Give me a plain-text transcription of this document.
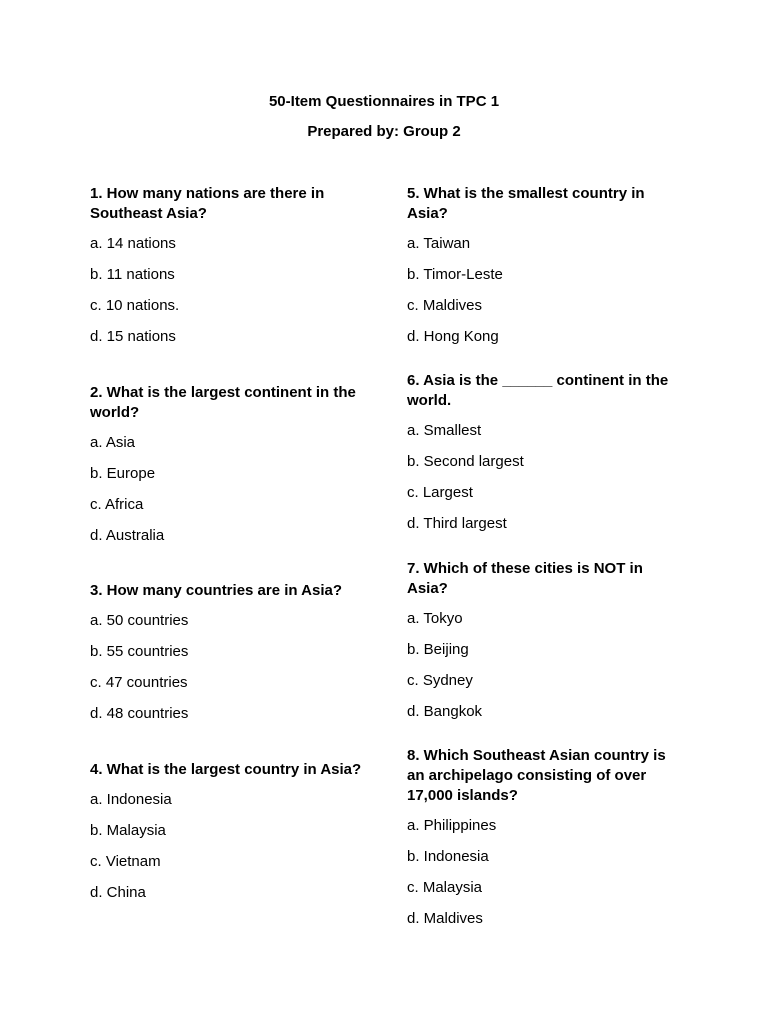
50-Item Questionnaires in TPC 1
Prepared by: Group 2

1. How many nations are there in Southeast Asia?

a. 14 nations
b. 11 nations
c. 10 nations.
d. 15 nations

2. What is the largest continent in the world?

a. Asia
b. Europe
c. Africa
d. Australia

3. How many countries are in Asia?

a. 50 countries
b. 55 countries
c. 47 countries
d. 48 countries

4. What is the largest country in Asia?

a. Indonesia
b. Malaysia
c. Vietnam
d. China

5. What is the smallest country in Asia?

a. Taiwan
b. Timor-Leste
c. Maldives
d. Hong Kong

6. Asia is the ______ continent in the world.

a. Smallest
b. Second largest
c. Largest
d. Third largest

7. Which of these cities is NOT in Asia?

a. Tokyo
b. Beijing
c. Sydney
d. Bangkok

8. Which Southeast Asian country is an archipelago consisting of over 17,000 islands?

a. Philippines
b. Indonesia
c. Malaysia
d. Maldives
